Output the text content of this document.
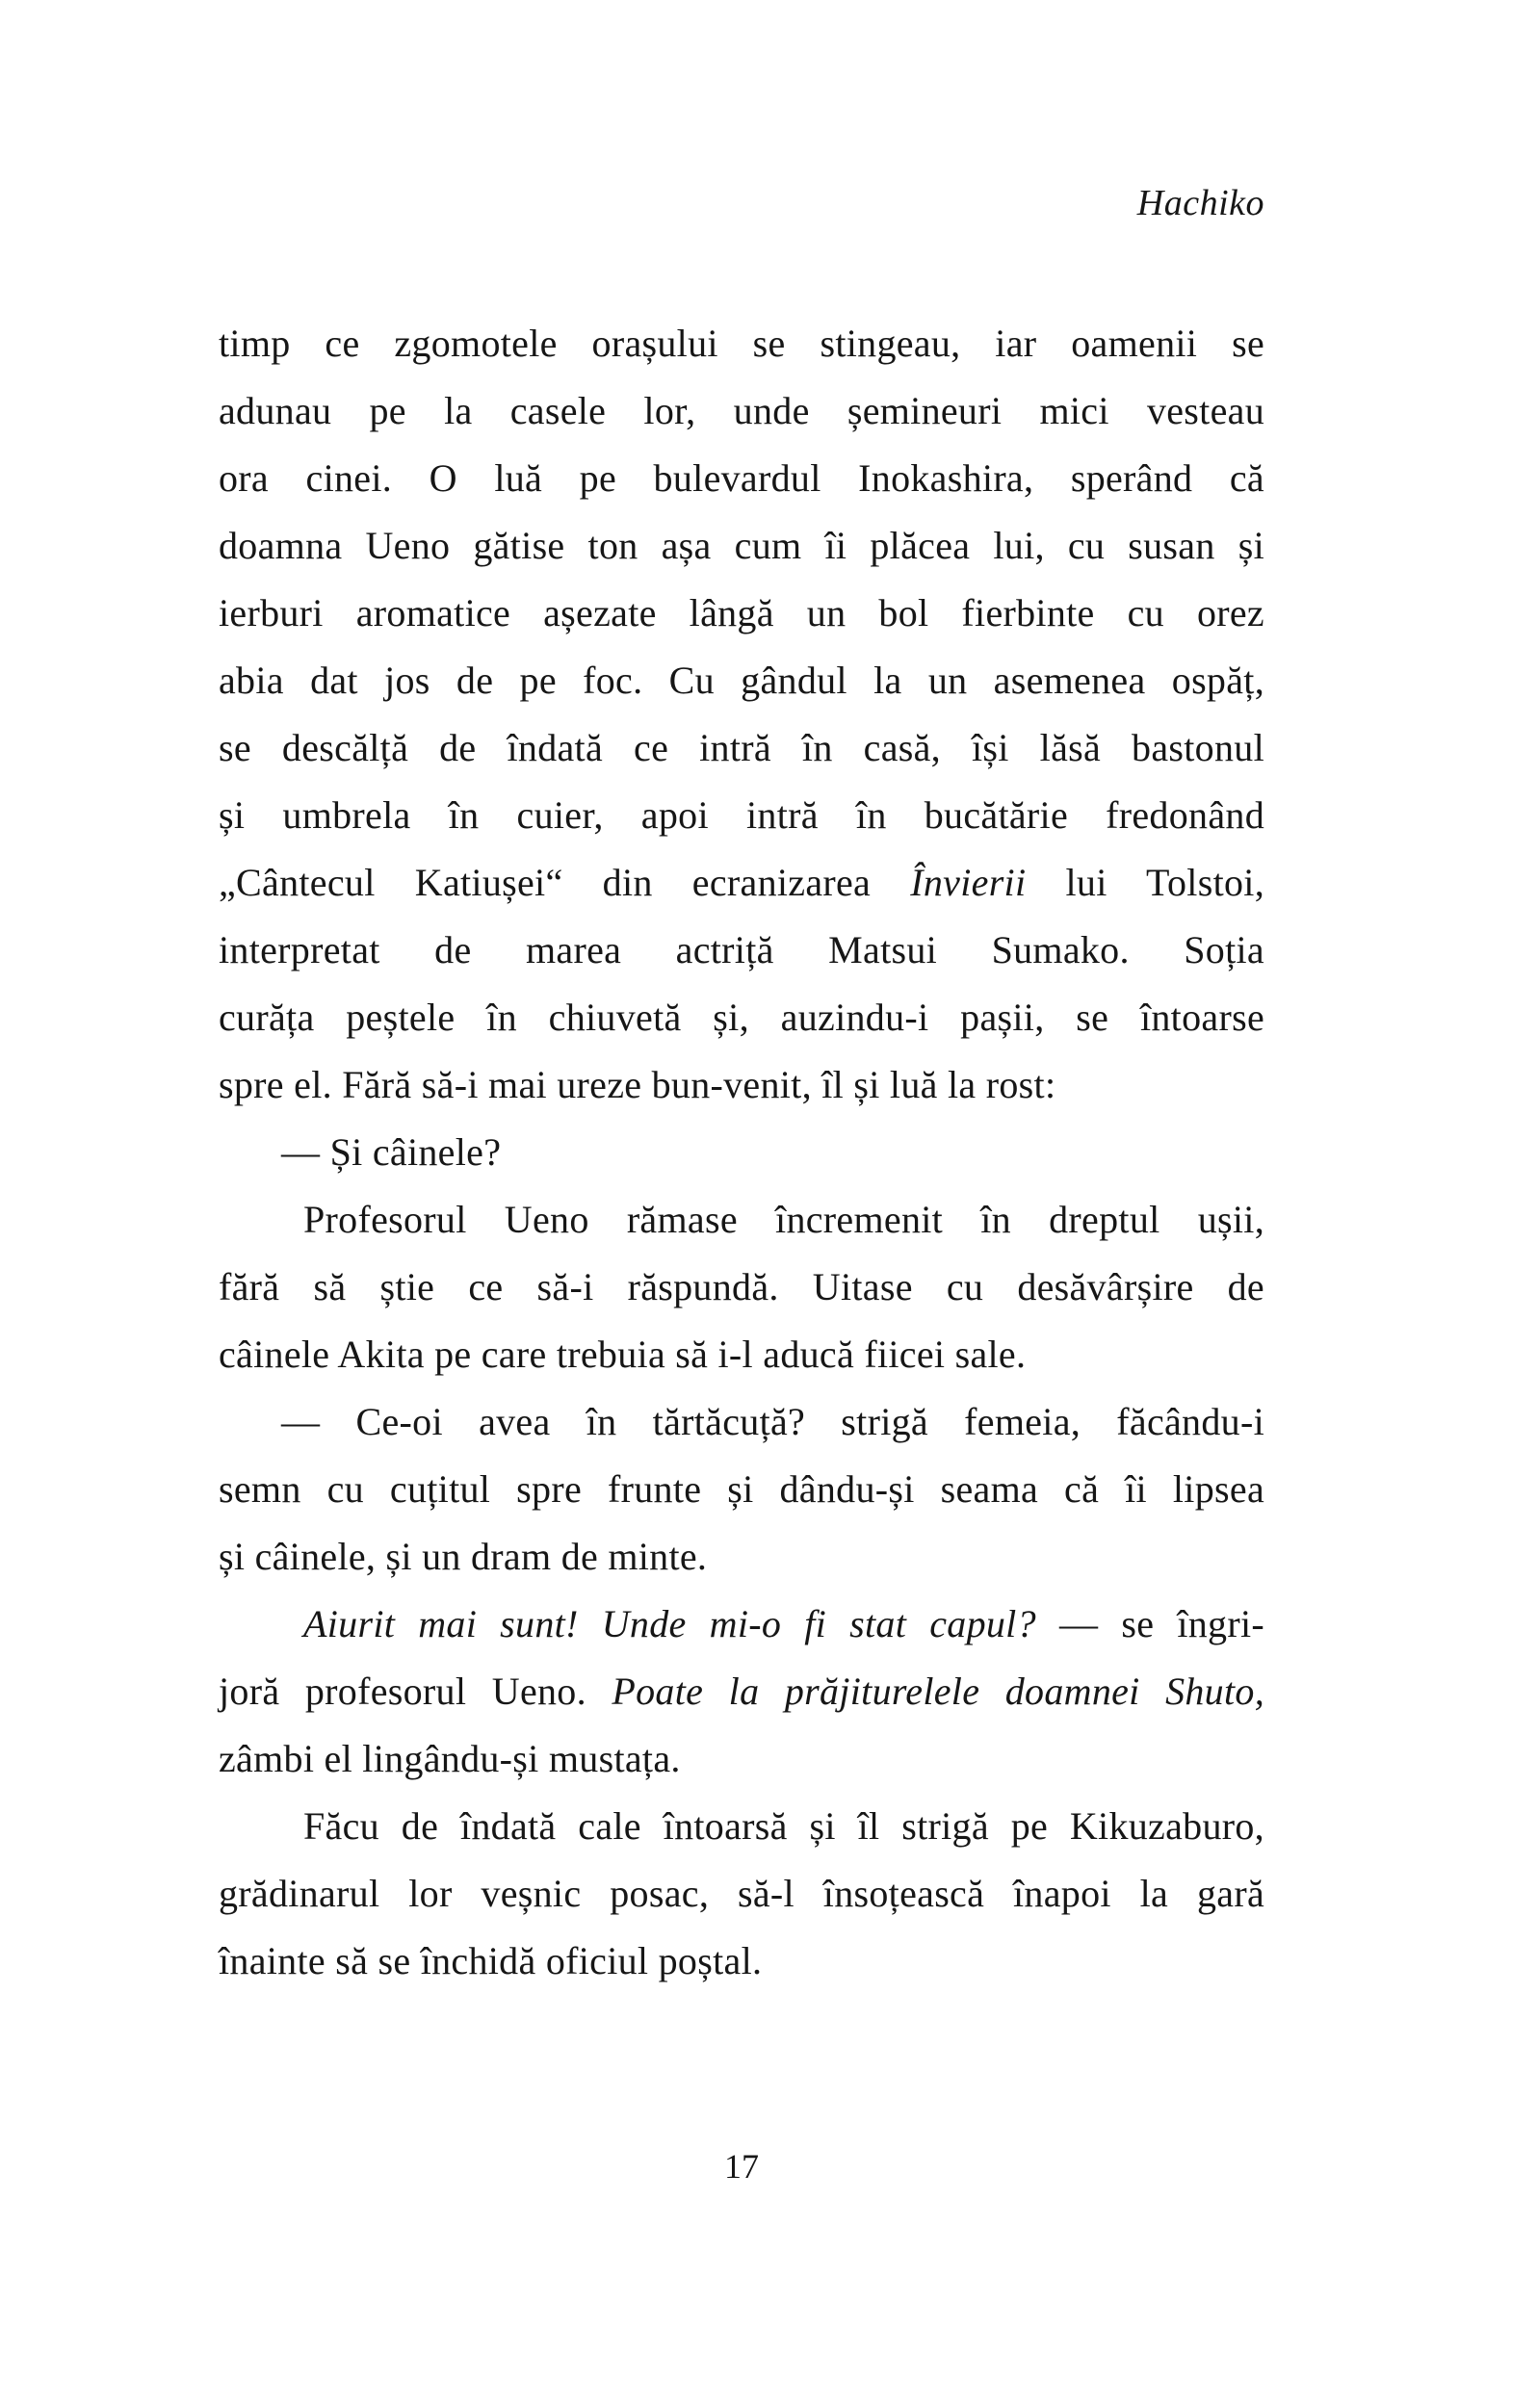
Hachiko
timp ce zgomotele orașului se stingeau, iar oamenii se
adunau pe la casele lor, unde șemineuri mici vesteau
ora cinei. O luă pe bulevardul Inokashira, sperând că
doamna Ueno gătise ton așa cum îi plăcea lui, cu susan și
ierburi aromatice așezate lângă un bol fierbinte cu orez
abia dat jos de pe foc. Cu gândul la un asemenea ospăț,
se descălță de îndată ce intră în casă, își lăsă bastonul
și umbrela în cuier, apoi intră în bucătărie fredonând
„Cântecul Katiușei“ din ecranizarea Învierii lui Tolstoi,
interpretat de marea actriță Matsui Sumako. Soția
curăța peștele în chiuvetă și, auzindu-i pașii, se întoarse
spre el. Fără să-i mai ureze bun-venit, îl și luă la rost:
— Și câinele?
Profesorul Ueno rămase încremenit în dreptul ușii,
fără să știe ce să-i răspundă. Uitase cu desăvârșire de
câinele Akita pe care trebuia să i-l aducă fiicei sale.
— Ce-oi avea în tărtăcuță? strigă femeia, făcându-i
semn cu cuțitul spre frunte și dându-și seama că îi lipsea
și câinele, și un dram de minte.
Aiurit mai sunt! Unde mi-o fi stat capul? — se îngri-
joră profesorul Ueno. Poate la prăjiturelele doamnei Shuto,
zâmbi el lingându-și mustața.
Făcu de îndată cale întoarsă și îl strigă pe Kikuzaburo,
grădinarul lor veșnic posac, să-l însoțească înapoi la gară
înainte să se închidă oficiul poștal.
17
